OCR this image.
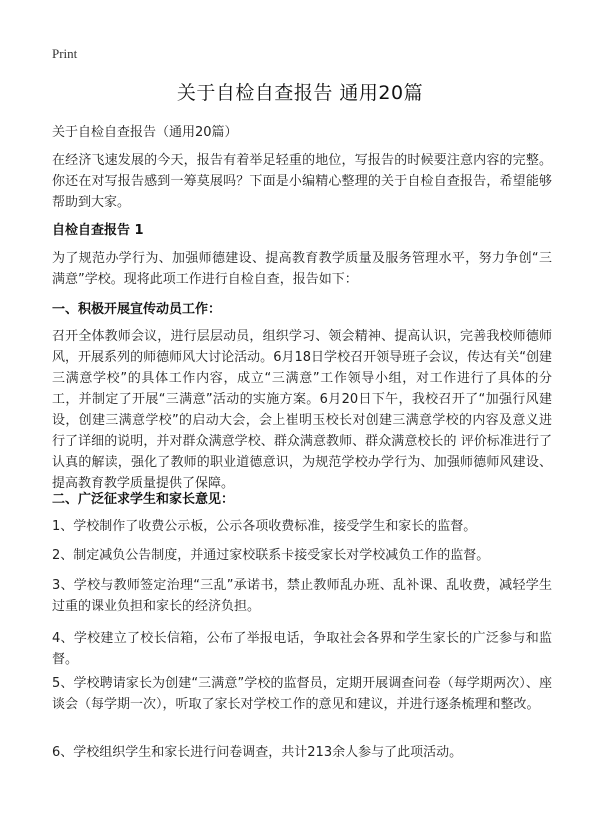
Print
关于自检自查报告 通用20篇
关于自检自查报告（通用20篇）

在经济飞速发展的今天，报告有着举足轻重的地位，写报告的时候要注意内容的完整。你还在对写报告感到一筹莫展吗？下面是小编精心整理的关于自检自查报告，希望能够帮助到大家。

自检自查报告 1

为了规范办学行为、加强师德建设、提高教育教学质量及服务管理水平，努力争创“三满意”学校。现将此项工作进行自检自查，报告如下：

一、积极开展宣传动员工作：

召开全体教师会议，进行层层动员，组织学习、领会精神、提高认识，完善我校师德师风，开展系列的师德师风大讨论活动。6月18日学校召开领导班子会议，传达有关“创建三满意学校”的具体工作内容，成立“三满意”工作领导小组，对工作进行了具体的分工，并制定了开展“三满意”活动的实施方案。6月20日下午，我校召开了“加强行风建设，创建三满意学校”的启动大会，会上崔明玉校长对创建三满意学校的内容及意义进行了详细的说明，并对群众满意学校、群众满意教师、群众满意校长的 评价标准进行了认真的解读，强化了教师的职业道德意识，为规范学校办学行为、加强师德师风建设、提高教育教学质量提供了保障。

二、广泛征求学生和家长意见：

1、学校制作了收费公示板，公示各项收费标准，接受学生和家长的监督。

2、制定减负公告制度，并通过家校联系卡接受家长对学校减负工作的监督。

3、学校与教师签定治理“三乱”承诺书，禁止教师乱办班、乱补课、乱收费，减轻学生过重的课业负担和家长的经济负担。

4、学校建立了校长信箱，公布了举报电话，争取社会各界和学生家长的广泛参与和监督。

5、学校聘请家长为创建“三满意”学校的监督员，定期开展调查问卷（每学期两次）、座谈会（每学期一次），听取了家长对学校工作的意见和建议，并进行逐条梳理和整改。

6、学校组织学生和家长进行问卷调查，共计213余人参与了此项活动。
